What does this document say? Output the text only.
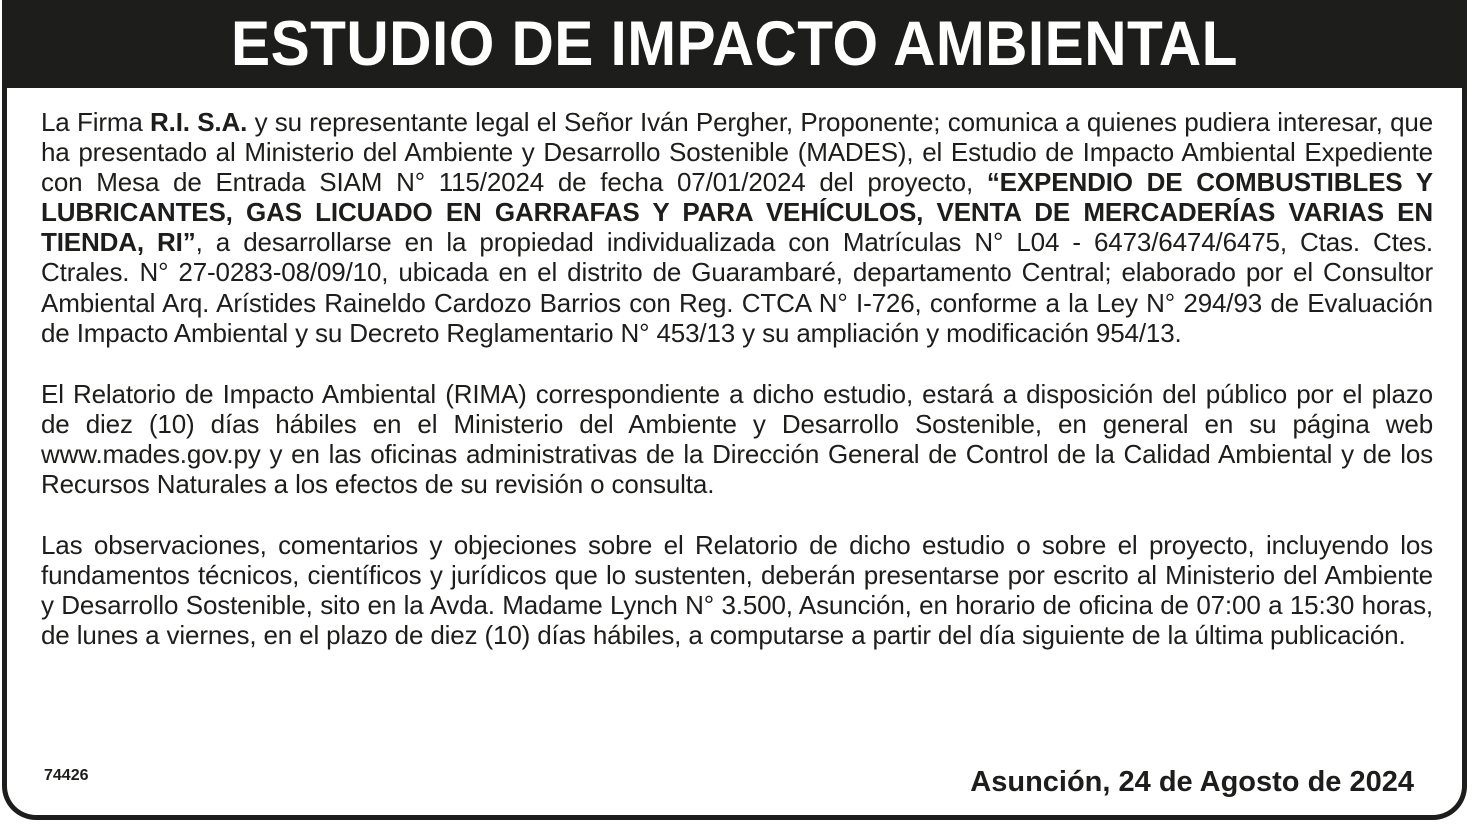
ESTUDIO DE IMPACTO AMBIENTAL

La Firma R.I. S.A. y su representante legal el Señor Iván Pergher, Proponente; comunica a quienes pudiera interesar, que ha presentado al Ministerio del Ambiente y Desarrollo Sostenible (MADES), el Estudio de Impacto Ambiental Expediente con Mesa de Entrada SIAM N° 115/2024 de fecha 07/01/2024 del proyecto, “EXPENDIO DE COMBUSTIBLES Y LUBRICANTES, GAS LICUADO EN GARRAFAS Y PARA VEHÍCULOS, VENTA DE MERCADERÍAS VARIAS EN TIENDA, RI”, a desarrollarse en la propiedad individualizada con Matrículas N° L04 - 6473/6474/6475, Ctas. Ctes. Ctrales. N° 27-0283-08/09/10, ubicada en el distrito de Guarambaré, departamento Central; elaborado por el Consultor Ambiental Arq. Arístides Raineldo Cardozo Barrios con Reg. CTCA N° I-726, conforme a la Ley N° 294/93 de Evaluación de Impacto Ambiental y su Decreto Reglamentario N° 453/13 y su ampliación y modificación 954/13.

El Relatorio de Impacto Ambiental (RIMA) correspondiente a dicho estudio, estará a disposición del público por el plazo de diez (10) días hábiles en el Ministerio del Ambiente y Desarrollo Sostenible, en general en su página web www.mades.gov.py y en las oficinas administrativas de la Dirección General de Control de la Calidad Ambiental y de los Recursos Naturales a los efectos de su revisión o consulta.

Las observaciones, comentarios y objeciones sobre el Relatorio de dicho estudio o sobre el proyecto, incluyendo los fundamentos técnicos, científicos y jurídicos que lo sustenten, deberán presentarse por escrito al Ministerio del Ambiente y Desarrollo Sostenible, sito en la Avda. Madame Lynch N° 3.500, Asunción, en horario de oficina de 07:00 a 15:30 horas, de lunes a viernes, en el plazo de diez (10) días hábiles, a computarse a partir del día siguiente de la última publicación.

74426	Asunción, 24 de Agosto de 2024
